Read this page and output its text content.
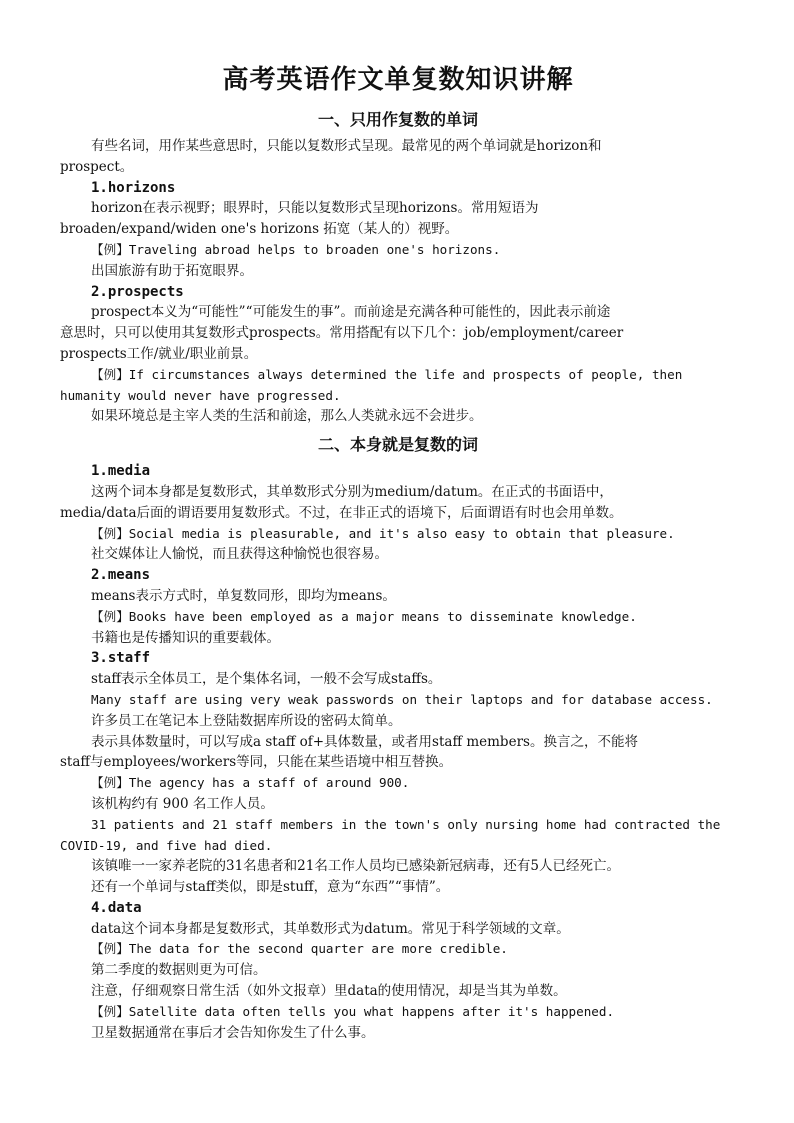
高考英语作文单复数知识讲解
一、只用作复数的单词

有些名词，用作某些意思时，只能以复数形式呈现。最常见的两个单词就是horizon和

prospect。

1.horizons

horizon在表示视野；眼界时，只能以复数形式呈现horizons。常用短语为

broaden/expand/widen one's horizons 拓宽（某人的）视野。

【例】Traveling abroad helps to broaden one's horizons.

出国旅游有助于拓宽眼界。

2.prospects

prospect本义为“可能性”“可能发生的事”。而前途是充满各种可能性的，因此表示前途

意思时，只可以使用其复数形式prospects。常用搭配有以下几个：job/employment/career

prospects工作/就业/职业前景。

【例】If circumstances always determined the life and prospects of people, then

humanity would never have progressed.

如果环境总是主宰人类的生活和前途，那么人类就永远不会进步。

二、本身就是复数的词

1.media

这两个词本身都是复数形式，其单数形式分别为medium/datum。在正式的书面语中，

media/data后面的谓语要用复数形式。不过，在非正式的语境下，后面谓语有时也会用单数。

【例】Social media is pleasurable, and it's also easy to obtain that pleasure.

社交媒体让人愉悦，而且获得这种愉悦也很容易。

2.means

means表示方式时，单复数同形，即均为means。

【例】Books have been employed as a major means to disseminate knowledge.

书籍也是传播知识的重要载体。

3.staff

staff表示全体员工，是个集体名词，一般不会写成staffs。

Many staff are using very weak passwords on their laptops and for database access.

许多员工在笔记本上登陆数据库所设的密码太简单。

表示具体数量时，可以写成a staff of+具体数量，或者用staff members。换言之，不能将

staff与employees/workers等同，只能在某些语境中相互替换。

【例】The agency has a staff of around 900.

该机构约有 900 名工作人员。

31 patients and 21 staff members in the town's only nursing home had contracted the

COVID-19, and five had died.

该镇唯一一家养老院的31名患者和21名工作人员均已感染新冠病毒，还有5人已经死亡。

还有一个单词与staff类似，即是stuff，意为“东西”“事情”。

4.data

data这个词本身都是复数形式，其单数形式为datum。常见于科学领域的文章。

【例】The data for the second quarter are more credible.

第二季度的数据则更为可信。

注意，仔细观察日常生活（如外文报章）里data的使用情况，却是当其为单数。

【例】Satellite data often tells you what happens after it's happened.

卫星数据通常在事后才会告知你发生了什么事。
